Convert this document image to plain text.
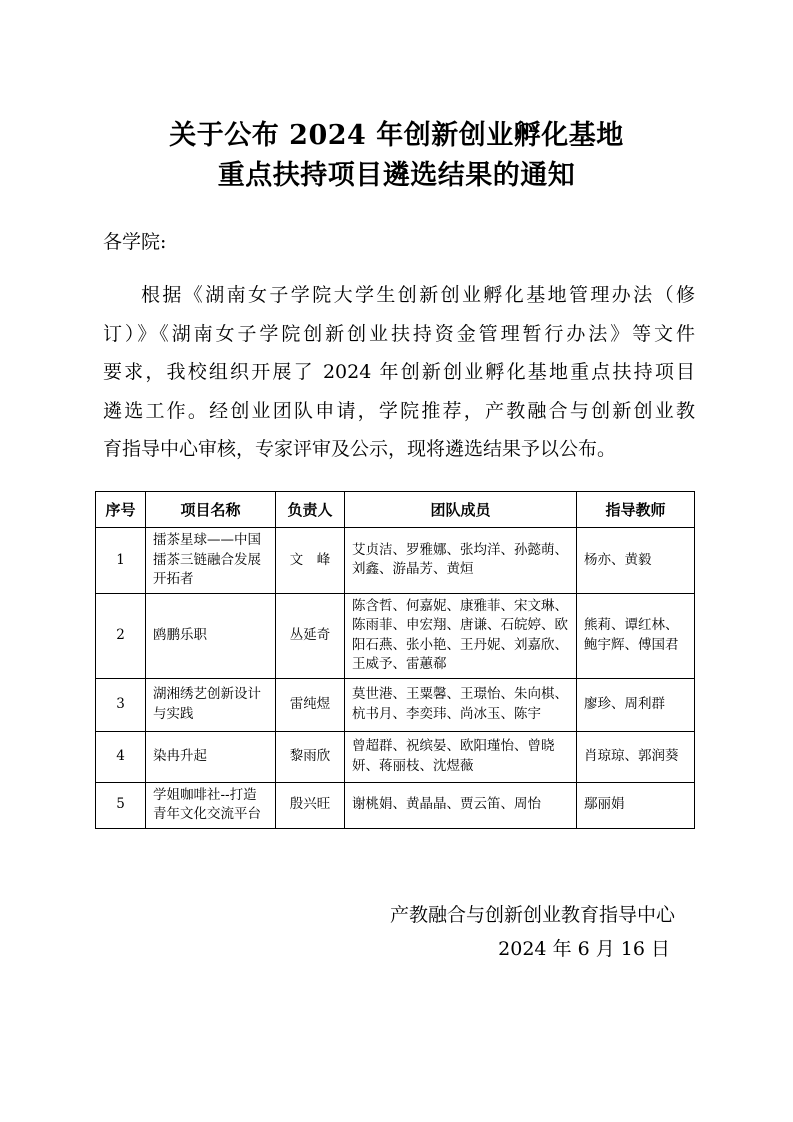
关于公布 2024 年创新创业孵化基地
重点扶持项目遴选结果的通知
各学院:
根据《湖南女子学院大学生创新创业孵化基地管理办法（修
订）》《湖南女子学院创新创业扶持资金管理暂行办法》等文件
要求，我校组织开展了 2024 年创新创业孵化基地重点扶持项目
遴选工作。经创业团队申请，学院推荐，产教融合与创新创业教
育指导中心审核，专家评审及公示，现将遴选结果予以公布。
序号	项目名称	负责人	团队成员	指导教师
1	擂茶星球——中国擂茶三链融合发展开拓者	文　峰	艾贞洁、罗雅娜、张均洋、孙懿萌、刘鑫、游晶芳、黄烜	杨亦、黄毅
2	鸥鹏乐职	丛延奇	陈含哲、何嘉妮、康雅菲、宋文琳、陈雨菲、申宏翔、唐谦、石皖婷、欧阳石燕、张小艳、王丹妮、刘嘉欣、王威予、雷蕙郗	熊莉、谭红林、鲍宇辉、傅国君
3	湖湘绣艺创新设计与实践	雷纯煜	莫世港、王粟馨、王璟怡、朱向棋、杭书月、李奕玮、尚冰玉、陈宇	廖珍、周利群
4	染冉升起	黎雨欣	曾超群、祝缤晏、欧阳瑾怡、曾晓妍、蒋丽枝、沈煜薇	肖琼琼、郭润葵
5	学姐咖啡社--打造青年文化交流平台	殷兴旺	谢桃娟、黄晶晶、贾云笛、周怡	鄢丽娟
产教融合与创新创业教育指导中心
2024 年 6 月 16 日
